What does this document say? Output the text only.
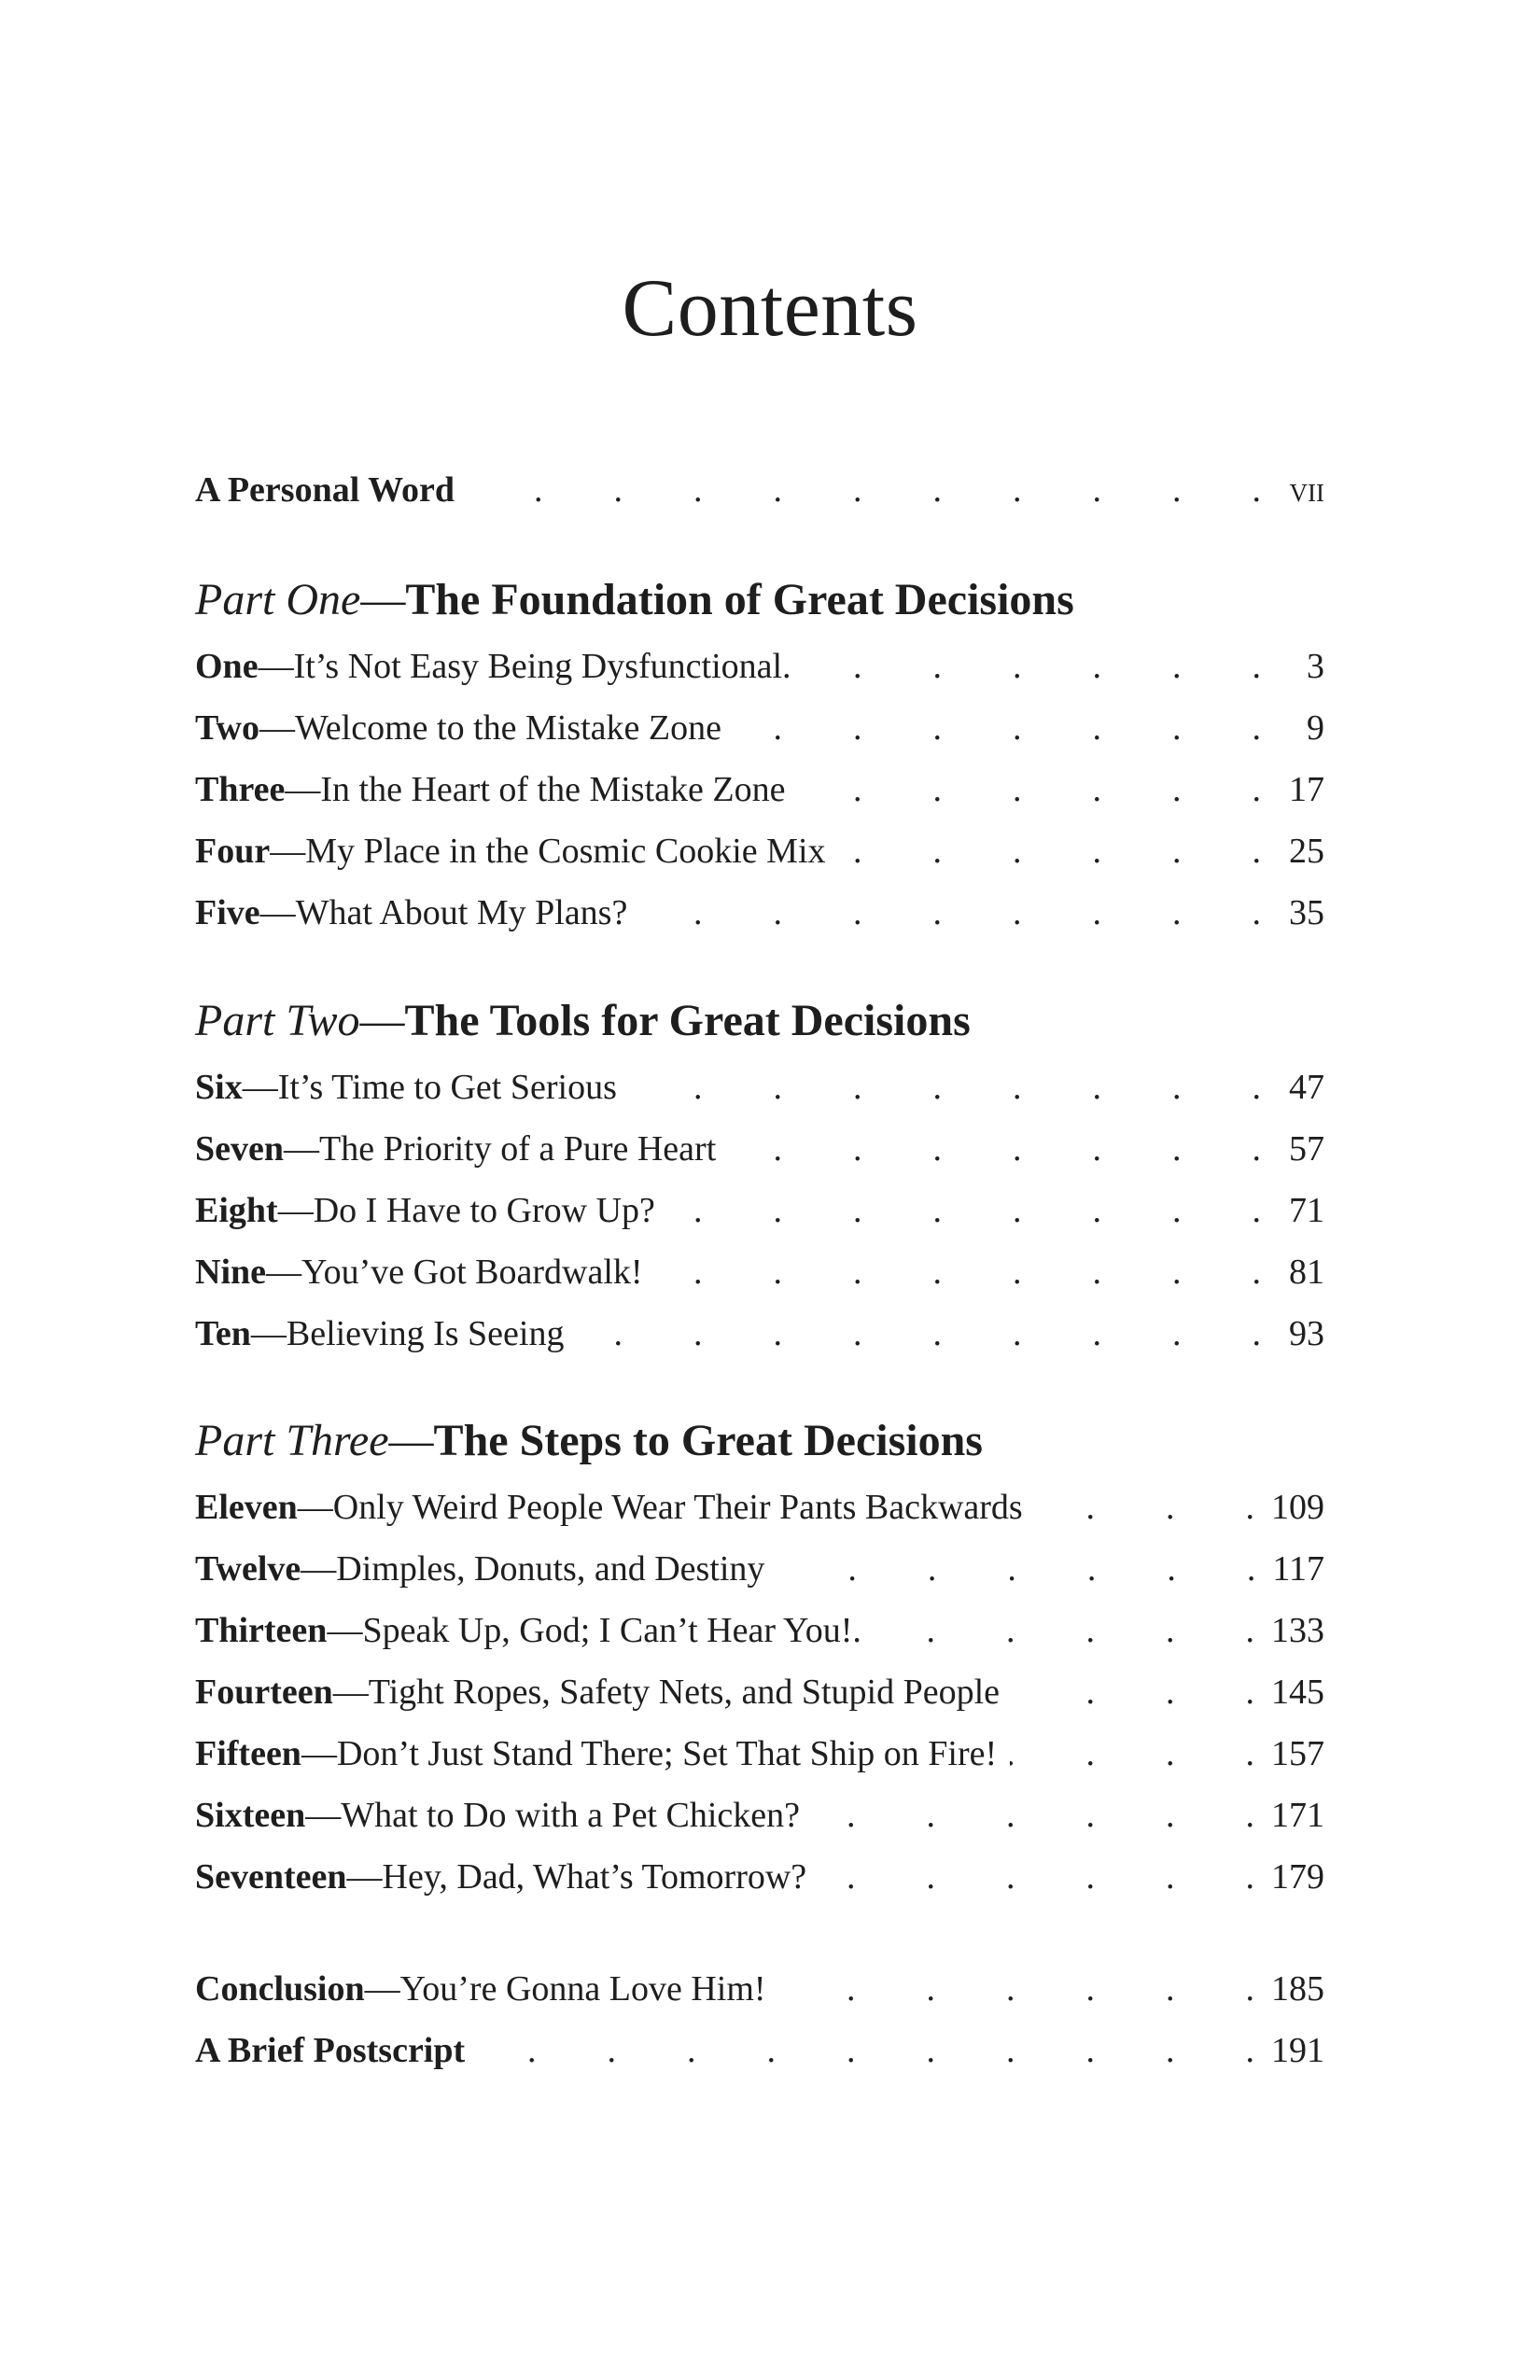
Contents
A Personal Word .	vii
Part One—The Foundation of Great Decisions
One—It’s Not Easy Being Dysfunctional. .	3
Two—Welcome to the Mistake Zone .	9
Three—In the Heart of the Mistake Zone .	17
Four—My Place in the Cosmic Cookie Mix .	25
Five—What About My Plans? .	35
Part Two—The Tools for Great Decisions
Six—It’s Time to Get Serious .	47
Seven—The Priority of a Pure Heart .	57
Eight—Do I Have to Grow Up? .	71
Nine—You’ve Got Boardwalk! .	81
Ten—Believing Is Seeing .	93
Part Three—The Steps to Great Decisions
Eleven—Only Weird People Wear Their Pants Backwards .	109
Twelve—Dimples, Donuts, and Destiny .	117
Thirteen—Speak Up, God; I Can’t Hear You!. .	133
Fourteen—Tight Ropes, Safety Nets, and Stupid People .	145
Fifteen—Don’t Just Stand There; Set That Ship on Fire! .	157
Sixteen—What to Do with a Pet Chicken? .	171
Seventeen—Hey, Dad, What’s Tomorrow? .	179
Conclusion—You’re Gonna Love Him! .	185
A Brief Postscript .	191
